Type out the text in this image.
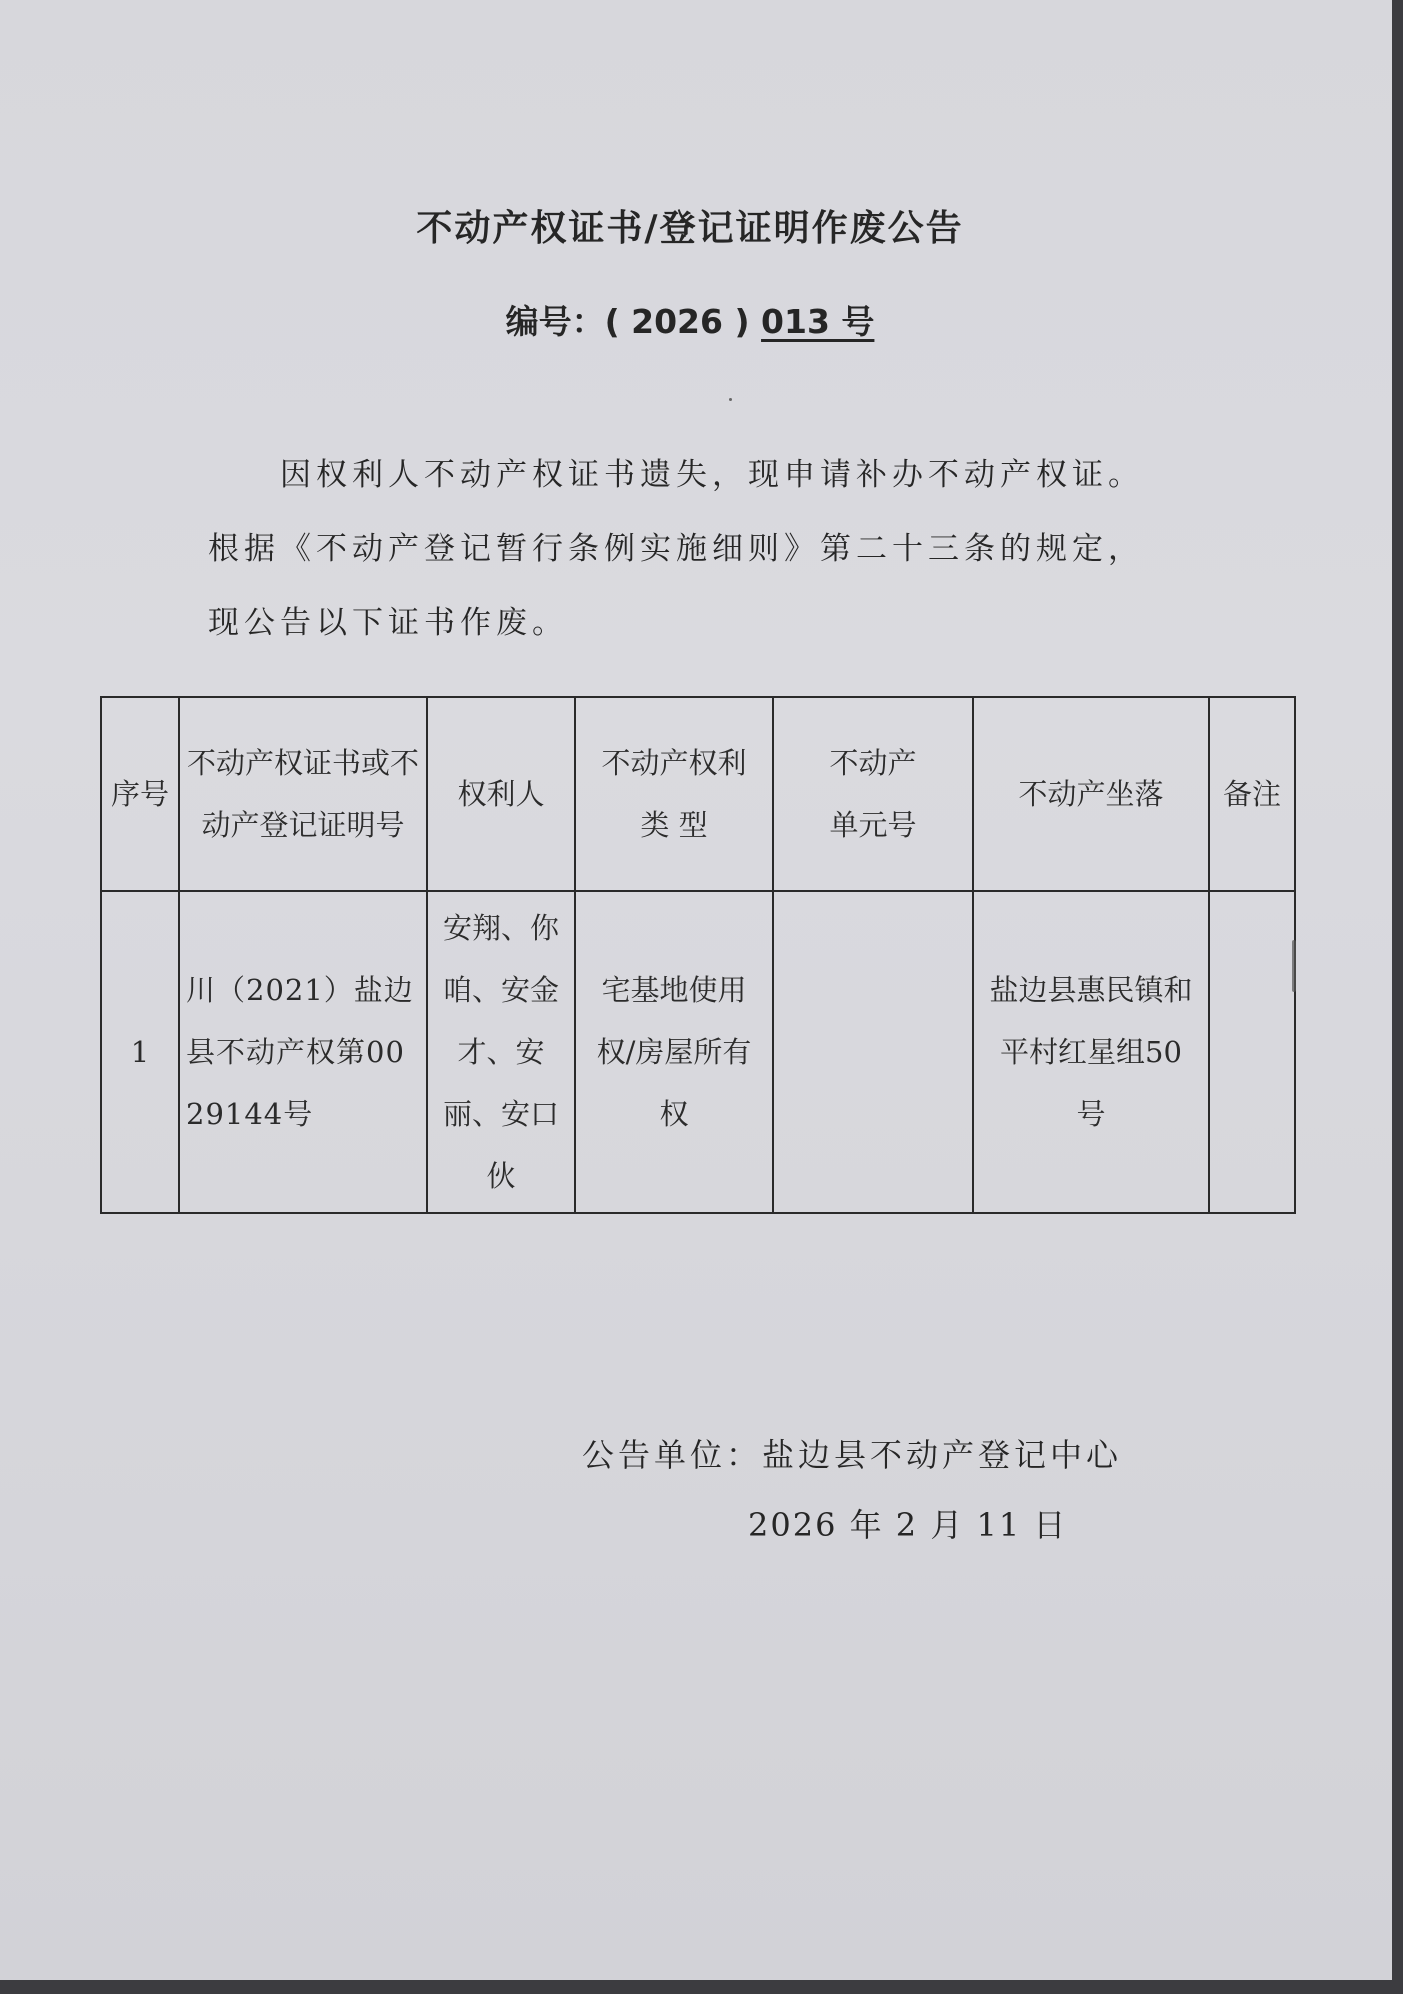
不动产权证书/登记证明作废公告
编号：( 2026 ) 013 号
因权利人不动产权证书遗失，现申请补办不动产权证。
根据《不动产登记暂行条例实施细则》第二十三条的规定，
现公告以下证书作废。
序号	不动产权证书或不动产登记证明号	权利人	不动产权利类 型	不动产单元号	不动产坐落	备注
1	川（2021）盐边县不动产权第0029144号	安翔、你咱、安金才、安丽、安口伙	宅基地使用权/房屋所有权		盐边县惠民镇和平村红星组50号	
公告单位：盐边县不动产登记中心
2026 年 2 月 11 日
